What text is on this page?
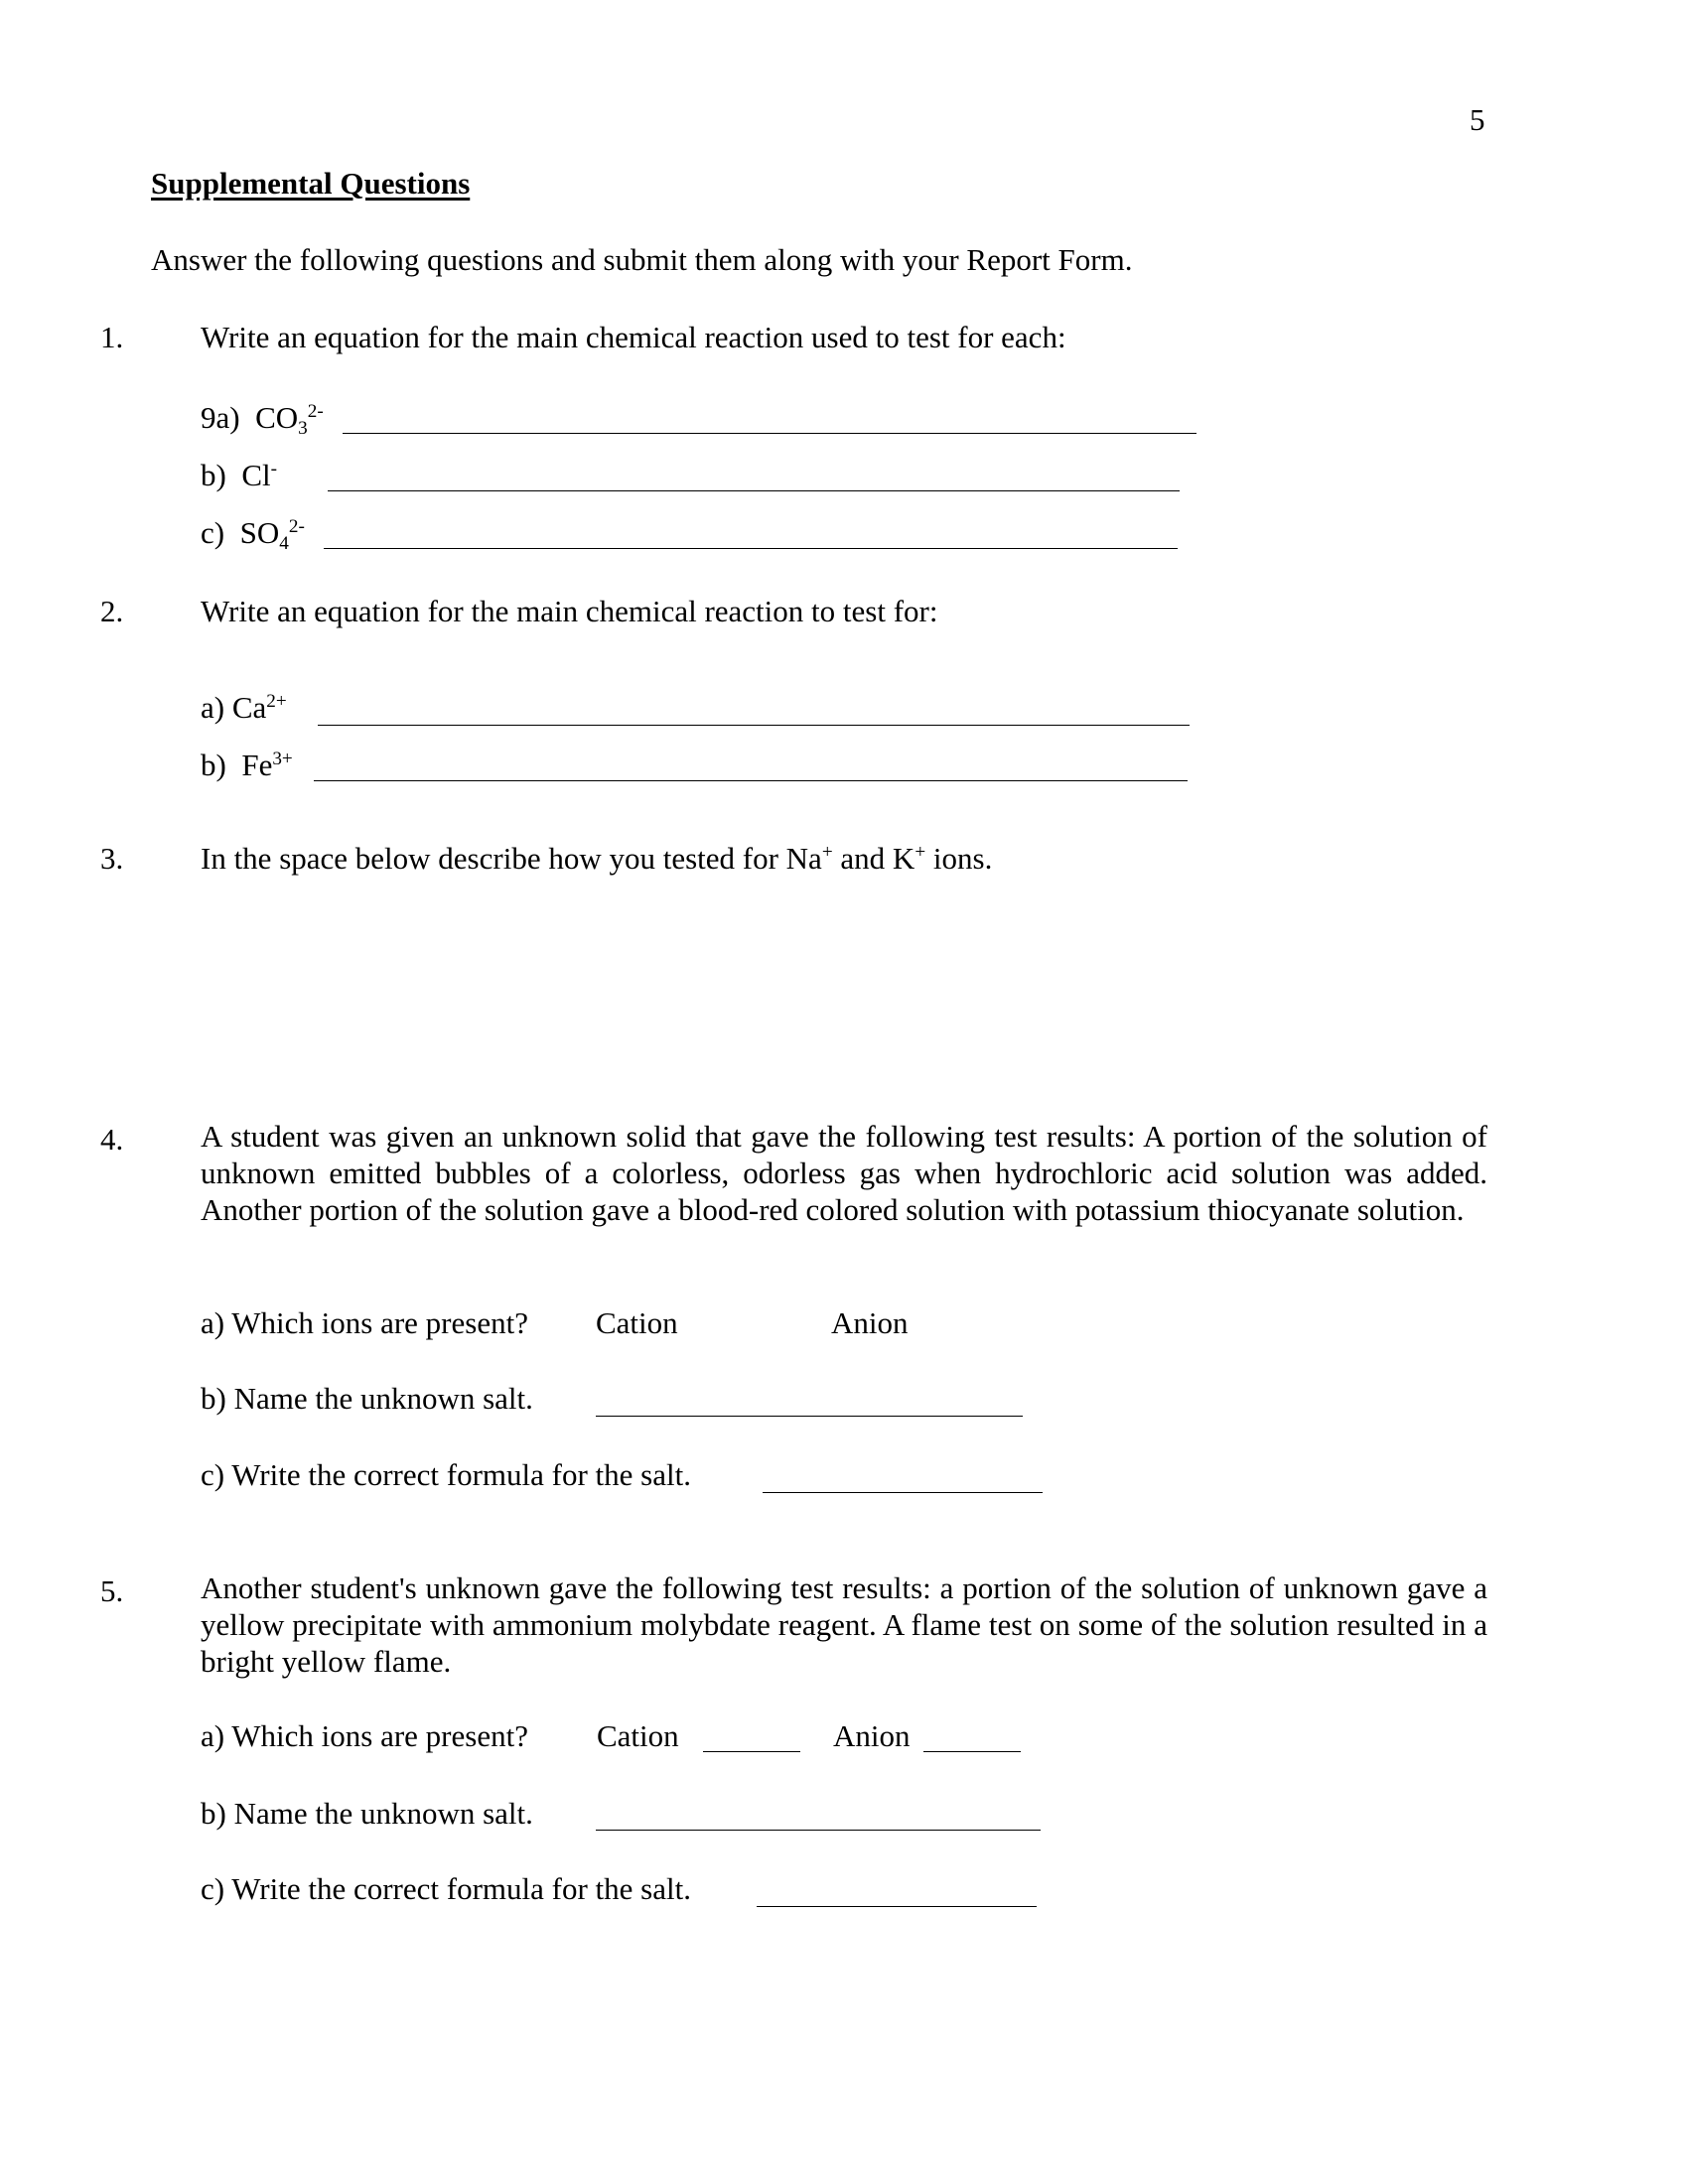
5
Supplemental Questions
Answer the following questions and submit them along with your Report Form.
1.	Write an equation for the main chemical reaction used to test for each:
9a) $CO_3^{2-}$
b) Cl-
c) $SO_4^{2-}$
2.	Write an equation for the main chemical reaction to test for:
a) $Ca^{2+}$
b) $Fe^{3+}$
3.	In the space below describe how you tested for Na+ and K+ ions.
4.	A student was given an unknown solid that gave the following test results: A portion of the solution of unknown emitted bubbles of a colorless, odorless gas when hydrochloric acid solution was added. Another portion of the solution gave a blood-red colored solution with potassium thiocyanate solution.
a) Which ions are present? Cation	Anion
b) Name the unknown salt.
c) Write the correct formula for the salt.
5.	Another student's unknown gave the following test results: a portion of the solution of unknown gave a yellow precipitate with ammonium molybdate reagent. A flame test on some of the solution resulted in a bright yellow flame.
a) Which ions are present? Cation	Anion
b) Name the unknown salt.
c) Write the correct formula for the salt.
